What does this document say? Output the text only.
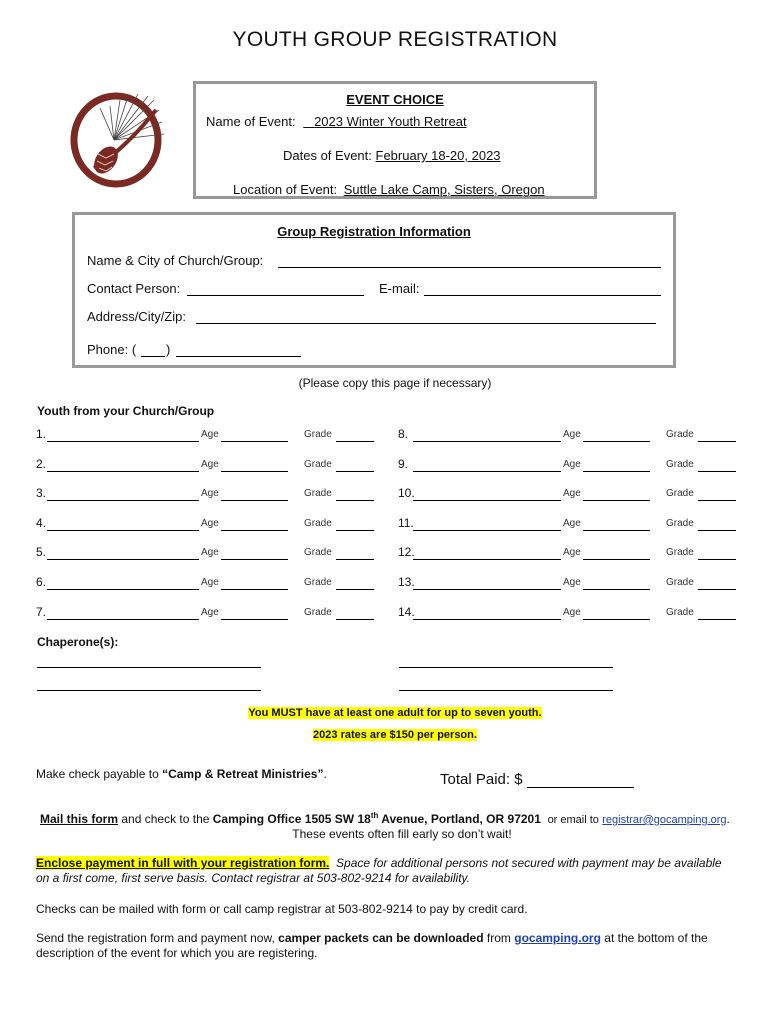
YOUTH GROUP REGISTRATION
EVENT CHOICE
Name of Event: 2023 Winter Youth Retreat
Dates of Event: February 18-20, 2023
Location of Event: Suttle Lake Camp, Sisters, Oregon
Group Registration Information
Name & City of Church/Group:
Contact Person:	E-mail:
Address/City/Zip:
Phone: ( )
(Please copy this page if necessary)
Youth from your Church/Group
1.	Age	Grade
2.	Age	Grade
3.	Age	Grade
4.	Age	Grade
5.	Age	Grade
6.	Age	Grade
7.	Age	Grade
8.	Age	Grade
9.	Age	Grade
10.	Age	Grade
11.	Age	Grade
12.	Age	Grade
13.	Age	Grade
14.	Age	Grade
Chaperone(s):
You MUST have at least one adult for up to seven youth.
2023 rates are $150 per person.
Make check payable to “Camp & Retreat Ministries”.	Total Paid: $
Mail this form and check to the Camping Office 1505 SW 18th Avenue, Portland, OR 97201 or email to registrar@gocamping.org.
These events often fill early so don’t wait!
Enclose payment in full with your registration form. Space for additional persons not secured with payment may be available on a first come, first serve basis. Contact registrar at 503-802-9214 for availability.
Checks can be mailed with form or call camp registrar at 503-802-9214 to pay by credit card.
Send the registration form and payment now, camper packets can be downloaded from gocamping.org at the bottom of the description of the event for which you are registering.
